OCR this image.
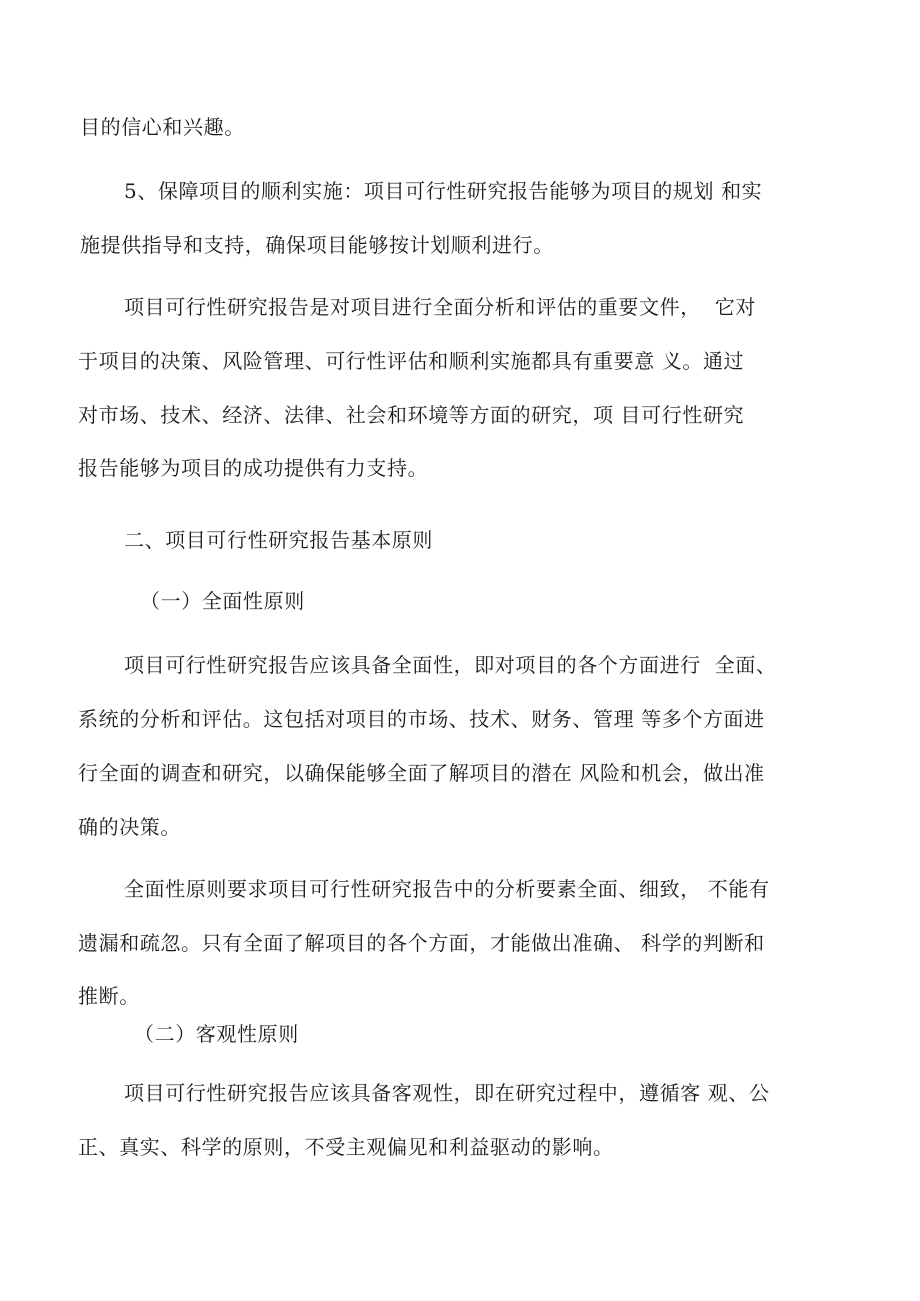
目的信心和兴趣。
5、保障项目的顺利实施：项目可行性研究报告能够为项目的规划 和实
施提供指导和支持，确保项目能够按计划顺利进行。
项目可行性研究报告是对项目进行全面分析和评估的重要文件，  它对
于项目的决策、风险管理、可行性评估和顺利实施都具有重要意 义。通过
对市场、技术、经济、法律、社会和环境等方面的研究，项 目可行性研究
报告能够为项目的成功提供有力支持。
二、项目可行性研究报告基本原则
（一）全面性原则
项目可行性研究报告应该具备全面性，即对项目的各个方面进行  全面、
系统的分析和评估。这包括对项目的市场、技术、财务、管理 等多个方面进
行全面的调查和研究，以确保能够全面了解项目的潜在 风险和机会，做出准
确的决策。
全面性原则要求项目可行性研究报告中的分析要素全面、细致， 不能有
遗漏和疏忽。只有全面了解项目的各个方面，才能做出准确、 科学的判断和
推断。
（二）客观性原则
项目可行性研究报告应该具备客观性，即在研究过程中，遵循客 观、公
正、真实、科学的原则，不受主观偏见和利益驱动的影响。
